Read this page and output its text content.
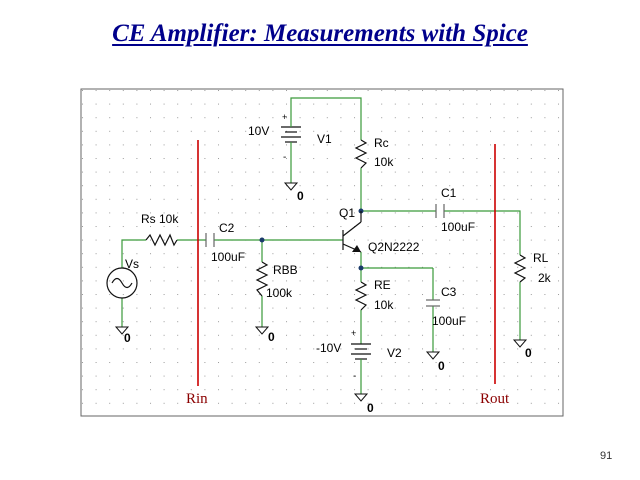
CE Amplifier: Measurements with Spice
+
-
10V
V1
0
Rc
10k
Q1
Q2N2222
C1
100uF
RL
2k
0
Rs 10k
C2
100uF
RBB
100k
0
Vs
0
RE
10k
C3
100uF
0
+
-
-10V	V2
0
Rin	Rout
91
